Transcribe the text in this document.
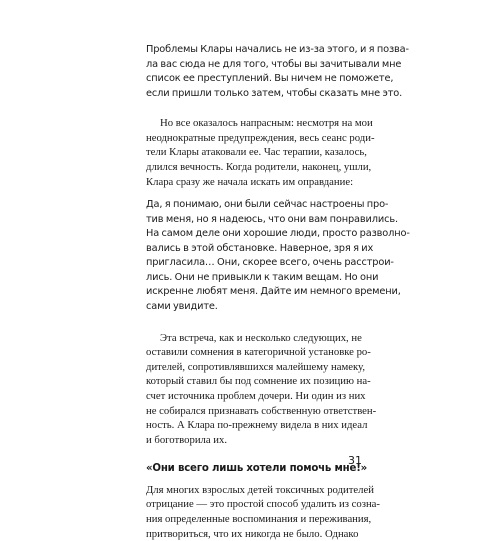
Проблемы Клары начались не из-за этого, и я позва-
ла вас сюда не для того, чтобы вы зачитывали мне
список ее преступлений. Вы ничем не поможете,
если пришли только затем, чтобы сказать мне это.
Но все оказалось напрасным: несмотря на мои
неоднократные предупреждения, весь сеанс роди-
тели Клары атаковали ее. Час терапии, казалось,
длился вечность. Когда родители, наконец, ушли,
Клара сразу же начала искать им оправдание:
Да, я понимаю, они были сейчас настроены про-
тив меня, но я надеюсь, что они вам понравились.
На самом деле они хорошие люди, просто разволно-
вались в этой обстановке. Наверное, зря я их
пригласила… Они, скорее всего, очень расстрои-
лись. Они не привыкли к таким вещам. Но они
искренне любят меня. Дайте им немного времени,
сами увидите.
Эта встреча, как и несколько следующих, не
оставили сомнения в категоричной установке ро-
дителей, сопротивлявшихся малейшему намеку,
который ставил бы под сомнение их позицию на-
счет источника проблем дочери. Ни один из них
не собирался признавать собственную ответствен-
ность. А Клара по-прежнему видела в них идеал
и боготворила их.
«Они всего лишь хотели помочь мне!»
Для многих взрослых детей токсичных родителей
отрицание — это простой способ удалить из созна-
ния определенные воспоминания и переживания,
притвориться, что их никогда не было. Однако
31
